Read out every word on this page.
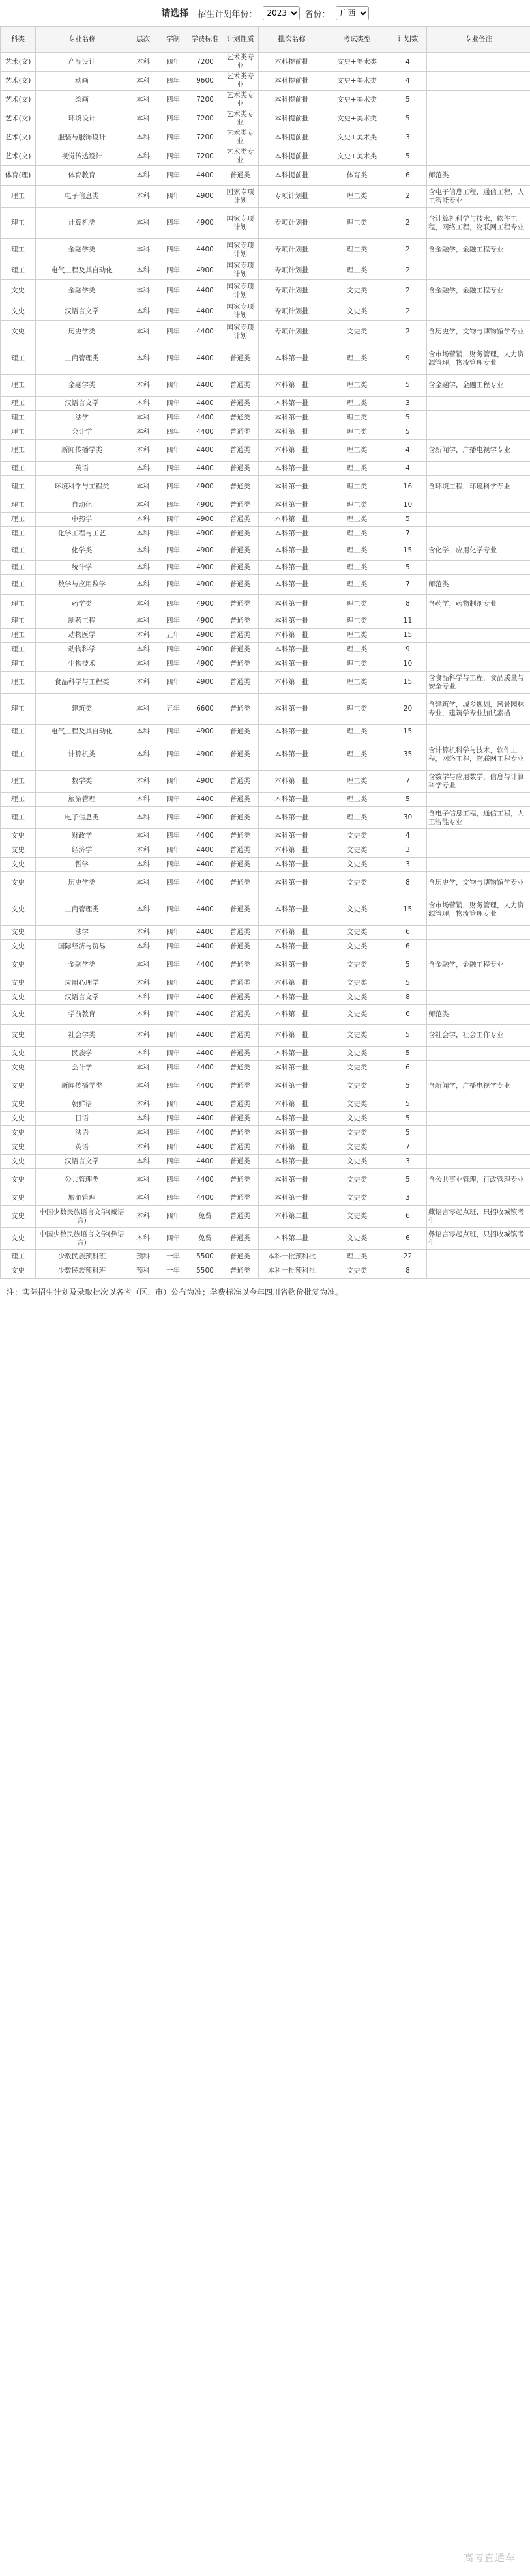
请选择 招生计划年份：
2023	省份：
广西
科类	专业名称	层次	学制	学费标准	计划性质	批次名称	考试类型	计划数	专业备注
艺术(文)	产品设计	本科	四年	7200	艺术类专业	本科提前批	文史+美术类	4	
艺术(文)	动画	本科	四年	9600	艺术类专业	本科提前批	文史+美术类	4	
艺术(文)	绘画	本科	四年	7200	艺术类专业	本科提前批	文史+美术类	5	
艺术(文)	环境设计	本科	四年	7200	艺术类专业	本科提前批	文史+美术类	5	
艺术(文)	服装与服饰设计	本科	四年	7200	艺术类专业	本科提前批	文史+美术类	3	
艺术(文)	视觉传达设计	本科	四年	7200	艺术类专业	本科提前批	文史+美术类	5	
体育(理)	体育教育	本科	四年	4400	普通类	本科提前批	体育类	6	师范类
理工	电子信息类	本科	四年	4900	国家专项计划	专项计划批	理工类	2	含电子信息工程，通信工程，人工智能专业
理工	计算机类	本科	四年	4900	国家专项计划	专项计划批	理工类	2	含计算机科学与技术，软件工程，网络工程，物联网工程专业
理工	金融学类	本科	四年	4400	国家专项计划	专项计划批	理工类	2	含金融学，金融工程专业
理工	电气工程及其自动化	本科	四年	4900	国家专项计划	专项计划批	理工类	2	
文史	金融学类	本科	四年	4400	国家专项计划	专项计划批	文史类	2	含金融学，金融工程专业
文史	汉语言文学	本科	四年	4400	国家专项计划	专项计划批	文史类	2	
文史	历史学类	本科	四年	4400	国家专项计划	专项计划批	文史类	2	含历史学，文物与博物馆学专业
理工	工商管理类	本科	四年	4400	普通类	本科第一批	理工类	9	含市场营销，财务管理，人力资源管理，物流管理专业
理工	金融学类	本科	四年	4400	普通类	本科第一批	理工类	5	含金融学，金融工程专业
理工	汉语言文学	本科	四年	4400	普通类	本科第一批	理工类	3	
理工	法学	本科	四年	4400	普通类	本科第一批	理工类	5	
理工	会计学	本科	四年	4400	普通类	本科第一批	理工类	5	
理工	新闻传播学类	本科	四年	4400	普通类	本科第一批	理工类	4	含新闻学，广播电视学专业
理工	英语	本科	四年	4400	普通类	本科第一批	理工类	4	
理工	环境科学与工程类	本科	四年	4900	普通类	本科第一批	理工类	16	含环境工程，环境科学专业
理工	自动化	本科	四年	4900	普通类	本科第一批	理工类	10	
理工	中药学	本科	四年	4900	普通类	本科第一批	理工类	5	
理工	化学工程与工艺	本科	四年	4900	普通类	本科第一批	理工类	7	
理工	化学类	本科	四年	4900	普通类	本科第一批	理工类	15	含化学，应用化学专业
理工	统计学	本科	四年	4900	普通类	本科第一批	理工类	5	
理工	数学与应用数学	本科	四年	4900	普通类	本科第一批	理工类	7	师范类
理工	药学类	本科	四年	4900	普通类	本科第一批	理工类	8	含药学，药物制剂专业
理工	制药工程	本科	四年	4900	普通类	本科第一批	理工类	11	
理工	动物医学	本科	五年	4900	普通类	本科第一批	理工类	15	
理工	动物科学	本科	四年	4900	普通类	本科第一批	理工类	9	
理工	生物技术	本科	四年	4900	普通类	本科第一批	理工类	10	
理工	食品科学与工程类	本科	四年	4900	普通类	本科第一批	理工类	15	含食品科学与工程，食品质量与安全专业
理工	建筑类	本科	五年	6600	普通类	本科第一批	理工类	20	含建筑学，城乡规划，风景园林专业，建筑学专业加试素描
理工	电气工程及其自动化	本科	四年	4900	普通类	本科第一批	理工类	15	
理工	计算机类	本科	四年	4900	普通类	本科第一批	理工类	35	含计算机科学与技术，软件工程，网络工程，物联网工程专业
理工	数学类	本科	四年	4900	普通类	本科第一批	理工类	7	含数学与应用数学，信息与计算科学专业
理工	旅游管理	本科	四年	4400	普通类	本科第一批	理工类	5	
理工	电子信息类	本科	四年	4900	普通类	本科第一批	理工类	30	含电子信息工程，通信工程，人工智能专业
文史	财政学	本科	四年	4400	普通类	本科第一批	文史类	4	
文史	经济学	本科	四年	4400	普通类	本科第一批	文史类	3	
文史	哲学	本科	四年	4400	普通类	本科第一批	文史类	3	
文史	历史学类	本科	四年	4400	普通类	本科第一批	文史类	8	含历史学，文物与博物馆学专业
文史	工商管理类	本科	四年	4400	普通类	本科第一批	文史类	15	含市场营销，财务管理，人力资源管理，物流管理专业
文史	法学	本科	四年	4400	普通类	本科第一批	文史类	6	
文史	国际经济与贸易	本科	四年	4400	普通类	本科第一批	文史类	6	
文史	金融学类	本科	四年	4400	普通类	本科第一批	文史类	5	含金融学，金融工程专业
文史	应用心理学	本科	四年	4400	普通类	本科第一批	文史类	5	
文史	汉语言文学	本科	四年	4400	普通类	本科第一批	文史类	8	
文史	学前教育	本科	四年	4400	普通类	本科第一批	文史类	6	师范类
文史	社会学类	本科	四年	4400	普通类	本科第一批	文史类	5	含社会学，社会工作专业
文史	民族学	本科	四年	4400	普通类	本科第一批	文史类	5	
文史	会计学	本科	四年	4400	普通类	本科第一批	文史类	6	
文史	新闻传播学类	本科	四年	4400	普通类	本科第一批	文史类	5	含新闻学，广播电视学专业
文史	朝鲜语	本科	四年	4400	普通类	本科第一批	文史类	5	
文史	日语	本科	四年	4400	普通类	本科第一批	文史类	5	
文史	法语	本科	四年	4400	普通类	本科第一批	文史类	5	
文史	英语	本科	四年	4400	普通类	本科第一批	文史类	7	
文史	汉语言文学	本科	四年	4400	普通类	本科第一批	文史类	3	
文史	公共管理类	本科	四年	4400	普通类	本科第一批	文史类	5	含公共事业管理，行政管理专业
文史	旅游管理	本科	四年	4400	普通类	本科第一批	文史类	3	
文史	中国少数民族语言文学(藏语言)	本科	四年	免费	普通类	本科第二批	文史类	6	藏语言零起点班，只招收城镇考生
文史	中国少数民族语言文学(彝语言)	本科	四年	免费	普通类	本科第二批	文史类	6	彝语言零起点班，只招收城镇考生
理工	少数民族预科班	预科	一年	5500	普通类	本科一批预科批	理工类	22	
文史	少数民族预科班	预科	一年	5500	普通类	本科一批预科批	文史类	8	
注：实际招生计划及录取批次以各省（区、市）公布为准；学费标准以今年四川省物价批复为准。
高考直通车
